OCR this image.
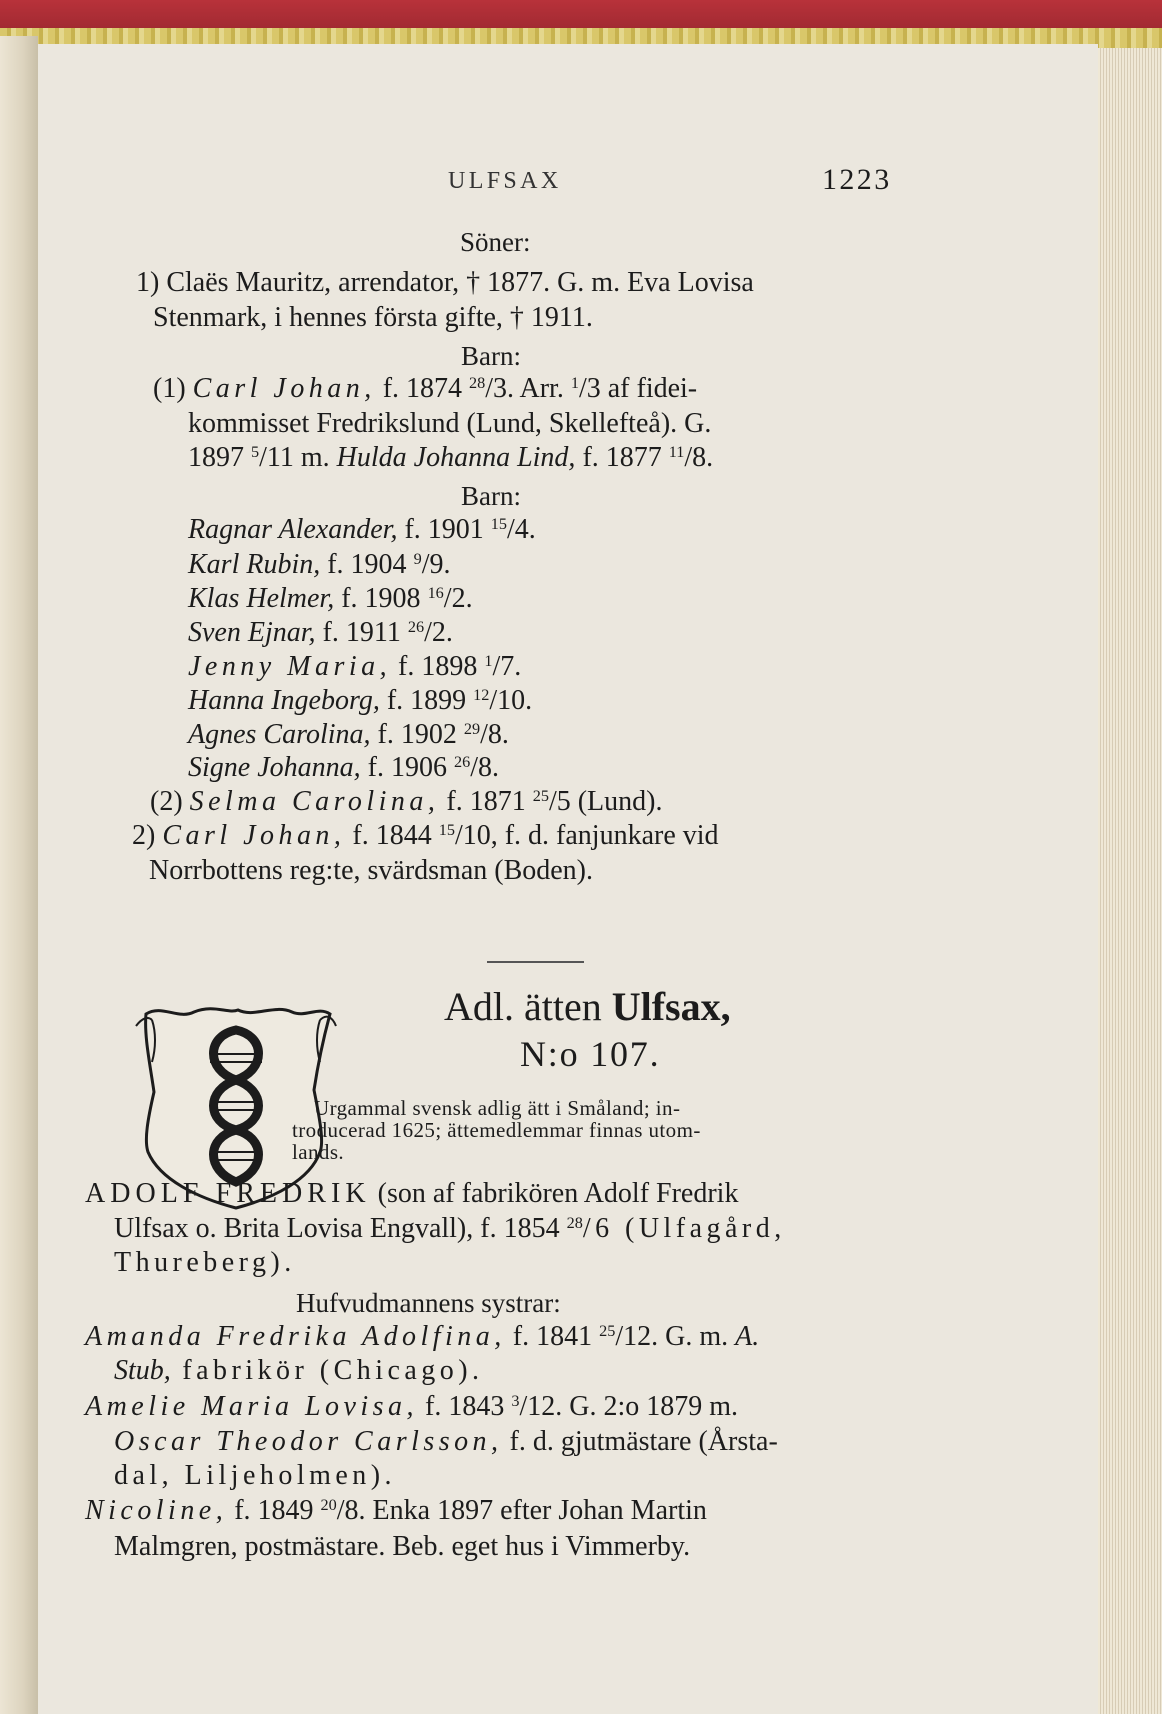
ULFSAX	1223
Söner:
1) Claës Mauritz, arrendator, † 1877. G. m. Eva Lovisa
Stenmark, i hennes första gifte, † 1911.
Barn:
(1) Carl Johan, f. 1874 $^{28}$/3. Arr. $^1$/3 af fidei-
kommisset Fredrikslund (Lund, Skellefteå). G.
1897 $^5$/11 m. Hulda Johanna Lind, f. 1877 $^{11}$/8.
Barn:
Ragnar Alexander, f. 1901 $^{15}$/4.
Karl Rubin, f. 1904 $^9$/9.
Klas Helmer, f. 1908 $^{16}$/2.
Sven Ejnar, f. 1911 $^{26}$/2.
Jenny Maria, f. 1898 $^1$/7.
Hanna Ingeborg, f. 1899 $^{12}$/10.
Agnes Carolina, f. 1902 $^{29}$/8.
Signe Johanna, f. 1906 $^{26}$/8.
(2) Selma Carolina, f. 1871 $^{25}$/5 (Lund).
2) Carl Johan, f. 1844 $^{15}$/10, f. d. fanjunkare vid
Norrbottens reg:te, svärdsman (Boden).
Adl. ätten Ulfsax,
N:o 107.
Urgammal svensk adlig ätt i Småland; in-
troducerad 1625; ättemedlemmar finnas utom-
lands.
ADOLF FREDRIK (son af fabrikören Adolf Fredrik
Ulfsax o. Brita Lovisa Engvall), f. 1854 $^{28}$/6 (Ulfagård,
Thureberg).
Hufvudmannens systrar:
Amanda Fredrika Adolfina, f. 1841 $^{25}$/12. G. m. A.
Stub, fabrikör (Chicago).
Amelie Maria Lovisa, f. 1843 $^3$/12. G. 2:o 1879 m.
Oscar Theodor Carlsson, f. d. gjutmästare (Årsta-
dal, Liljeholmen).
Nicoline, f. 1849 $^{20}$/8. Enka 1897 efter Johan Martin
Malmgren, postmästare. Beb. eget hus i Vimmerby.
